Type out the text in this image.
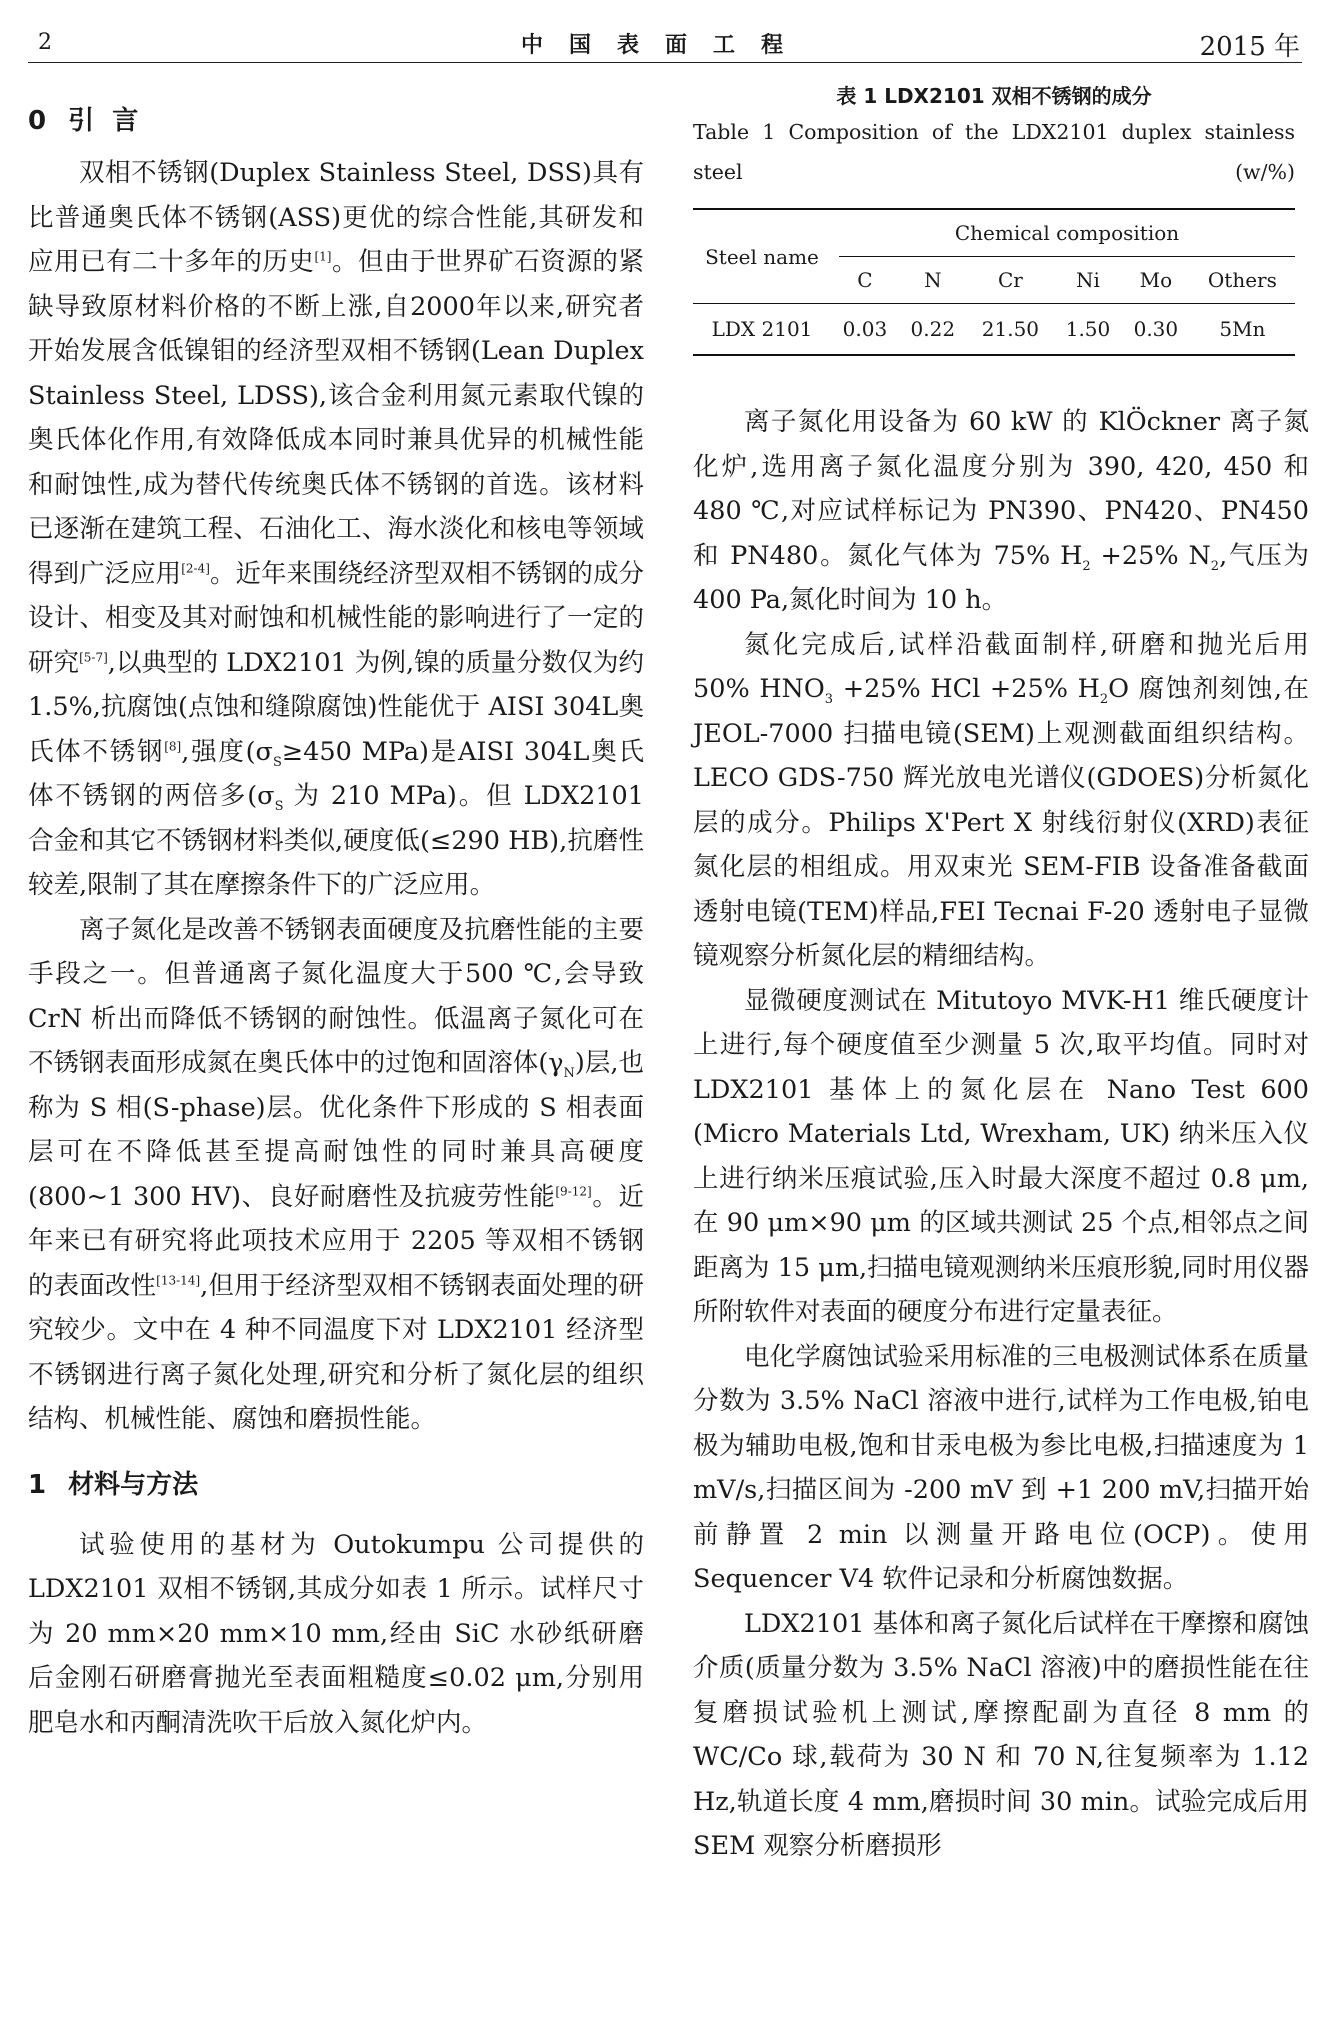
2	中国表面工程	2015 年
0 引  言

双相不锈钢(Duplex Stainless Steel, DSS)具有比普通奥氏体不锈钢(ASS)更优的综合性能,其研发和应用已有二十多年的历史[1]。但由于世界矿石资源的紧缺导致原材料价格的不断上涨,自2000年以来,研究者开始发展含低镍钼的经济型双相不锈钢(Lean Duplex Stainless Steel, LDSS),该合金利用氮元素取代镍的奥氏体化作用,有效降低成本同时兼具优异的机械性能和耐蚀性,成为替代传统奥氏体不锈钢的首选。该材料已逐渐在建筑工程、石油化工、海水淡化和核电等领域得到广泛应用[2-4]。近年来围绕经济型双相不锈钢的成分设计、相变及其对耐蚀和机械性能的影响进行了一定的研究[5-7],以典型的 LDX2101 为例,镍的质量分数仅为约1.5%,抗腐蚀(点蚀和缝隙腐蚀)性能优于 AISI 304L奥氏体不锈钢[8],强度($\sigma_S\ge 450$ MPa)是AISI 304L奥氏体不锈钢的两倍多($\sigma_S$ 为 210 MPa)。但 LDX2101 合金和其它不锈钢材料类似,硬度低(≤290 HB),抗磨性较差,限制了其在摩擦条件下的广泛应用。

离子氮化是改善不锈钢表面硬度及抗磨性能的主要手段之一。但普通离子氮化温度大于500 ℃,会导致 CrN 析出而降低不锈钢的耐蚀性。低温离子氮化可在不锈钢表面形成氮在奥氏体中的过饱和固溶体$(\gamma_N)$层,也称为 S 相(S-phase)层。优化条件下形成的 S 相表面层可在不降低甚至提高耐蚀性的同时兼具高硬度(800~1 300 HV)、良好耐磨性及抗疲劳性能[9-12]。近年来已有研究将此项技术应用于 2205 等双相不锈钢的表面改性[13-14],但用于经济型双相不锈钢表面处理的研究较少。文中在 4 种不同温度下对 LDX2101 经济型不锈钢进行离子氮化处理,研究和分析了氮化层的组织结构、机械性能、腐蚀和磨损性能。

1 材料与方法

试验使用的基材为 Outokumpu 公司提供的 LDX2101 双相不锈钢,其成分如表 1 所示。试样尺寸为 20 mm×20 mm×10 mm,经由 SiC 水砂纸研磨后金刚石研磨膏抛光至表面粗糙度≤0.02 μm,分别用肥皂水和丙酮清洗吹干后放入氮化炉内。

表 1 LDX2101 双相不锈钢的成分

Table 1 Composition of the LDX2101 duplex stainless steel	(w/%)

Steel name	Chemical composition					

	C	N	Cr	Ni	Mo	Others
LDX 2101	0.03	0.22	21.50	1.50	0.30	5Mn

离子氮化用设备为 60 kW 的 KlÖckner 离子氮化炉,选用离子氮化温度分别为 390, 420, 450 和 480 ℃,对应试样标记为 PN390、PN420、PN450 和 PN480。氮化气体为 75% $H_2 +25\%$ $N_2$,气压为 400 Pa,氮化时间为 10 h。

氮化完成后,试样沿截面制样,研磨和抛光后用 50% $HNO_3 +25\%$ HCl +25% $H_2O$ 腐蚀剂刻蚀,在 JEOL-7000 扫描电镜(SEM)上观测截面组织结构。LECO GDS-750 辉光放电光谱仪(GDOES)分析氮化层的成分。Philips X'Pert X 射线衍射仪(XRD)表征氮化层的相组成。用双束光 SEM-FIB 设备准备截面透射电镜(TEM)样品,FEI Tecnai F-20 透射电子显微镜观察分析氮化层的精细结构。

显微硬度测试在 Mitutoyo MVK-H1 维氏硬度计上进行,每个硬度值至少测量 5 次,取平均值。同时对 LDX2101 基体上的氮化层在 Nano Test 600 (Micro Materials Ltd, Wrexham, UK) 纳米压入仪上进行纳米压痕试验,压入时最大深度不超过 0.8 μm,在 90 μm×90 μm 的区域共测试 25 个点,相邻点之间距离为 15 μm,扫描电镜观测纳米压痕形貌,同时用仪器所附软件对表面的硬度分布进行定量表征。

电化学腐蚀试验采用标准的三电极测试体系在质量分数为 3.5% NaCl 溶液中进行,试样为工作电极,铂电极为辅助电极,饱和甘汞电极为参比电极,扫描速度为 1 mV/s,扫描区间为 -200 mV 到 +1 200 mV,扫描开始前静置 2 min 以测量开路电位(OCP)。使用 Sequencer V4 软件记录和分析腐蚀数据。

LDX2101 基体和离子氮化后试样在干摩擦和腐蚀介质(质量分数为 3.5% NaCl 溶液)中的磨损性能在往复磨损试验机上测试,摩擦配副为直径 8 mm 的 WC/Co 球,载荷为 30 N 和 70 N,往复频率为 1.12 Hz,轨道长度 4 mm,磨损时间 30 min。试验完成后用 SEM 观察分析磨损形
